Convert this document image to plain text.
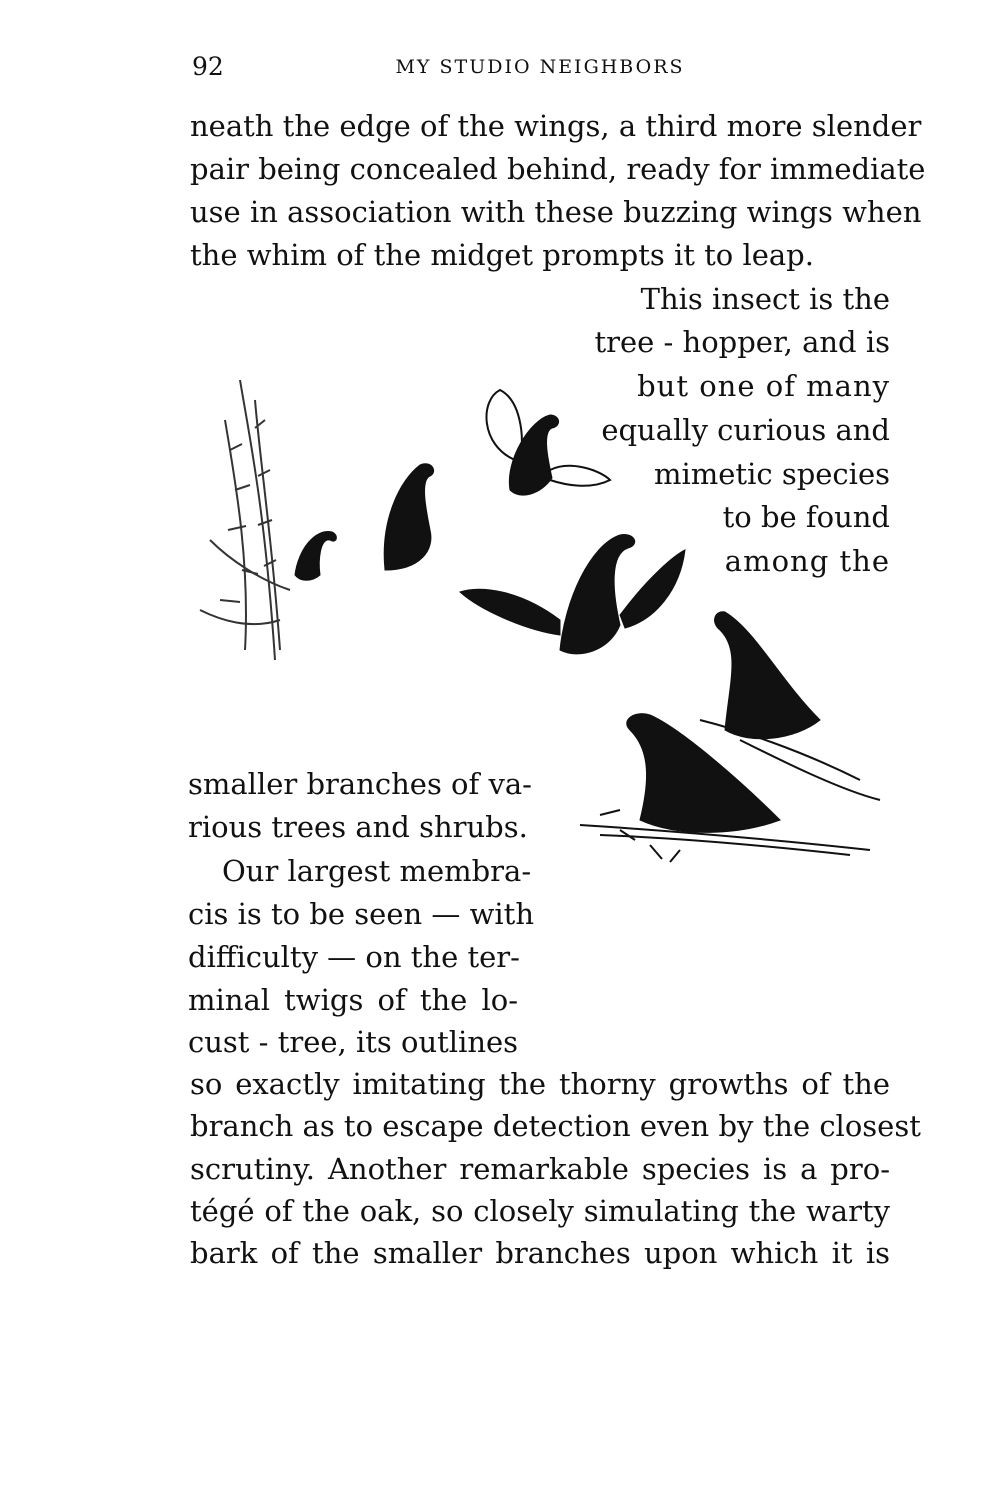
92	MY STUDIO NEIGHBORS
neath the edge of the wings, a third more slender
pair being concealed behind, ready for immediate
use in association with these buzzing wings when
the whim of the midget prompts it to leap.
This insect is the
tree - hopper, and is
but one of many
equally curious and
mimetic species
to be found
among the
smaller branches of va-
rious trees and shrubs.
Our largest membra-
cis is to be seen — with
difficulty — on the ter-
minal twigs of the lo-
cust - tree, its outlines
so exactly imitating the thorny growths of the
branch as to escape detection even by the closest
scrutiny. Another remarkable species is a pro-
tégé of the oak, so closely simulating the warty
bark of the smaller branches upon which it is
